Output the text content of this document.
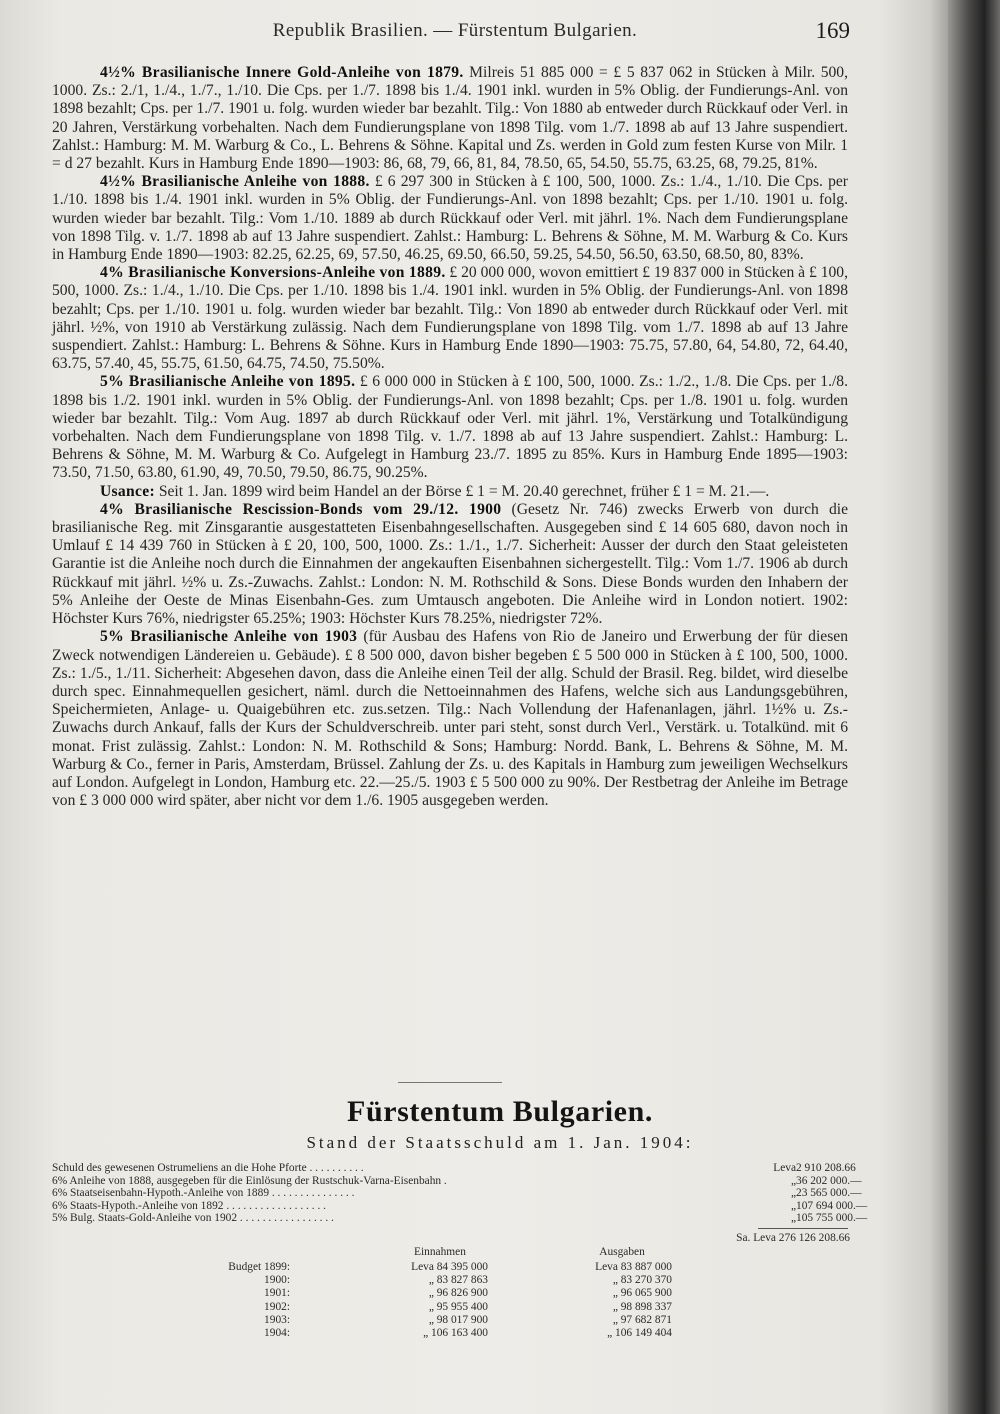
Republik Brasilien. — Fürstentum Bulgarien.	169

4½% Brasilianische Innere Gold-Anleihe von 1879. Milreis 51 885 000 = £ 5 837 062 in Stücken à Milr. 500, 1000. Zs.: 2./1, 1./4., 1./7., 1./10. Die Cps. per 1./7. 1898 bis 1./4. 1901 inkl. wurden in 5% Oblig. der Fundierungs-Anl. von 1898 bezahlt; Cps. per 1./7. 1901 u. folg. wurden wieder bar bezahlt. Tilg.: Von 1880 ab entweder durch Rückkauf oder Verl. in 20 Jahren, Verstärkung vorbehalten. Nach dem Fundierungsplane von 1898 Tilg. vom 1./7. 1898 ab auf 13 Jahre suspendiert. Zahlst.: Hamburg: M. M. Warburg & Co., L. Behrens & Söhne. Kapital und Zs. werden in Gold zum festen Kurse von Milr. 1 = d 27 bezahlt. Kurs in Hamburg Ende 1890—1903: 86, 68, 79, 66, 81, 84, 78.50, 65, 54.50, 55.75, 63.25, 68, 79.25, 81%.

4½% Brasilianische Anleihe von 1888. £ 6 297 300 in Stücken à £ 100, 500, 1000. Zs.: 1./4., 1./10. Die Cps. per 1./10. 1898 bis 1./4. 1901 inkl. wurden in 5% Oblig. der Fundierungs-Anl. von 1898 bezahlt; Cps. per 1./10. 1901 u. folg. wurden wieder bar bezahlt. Tilg.: Vom 1./10. 1889 ab durch Rückkauf oder Verl. mit jährl. 1%. Nach dem Fundierungsplane von 1898 Tilg. v. 1./7. 1898 ab auf 13 Jahre suspendiert. Zahlst.: Hamburg: L. Behrens & Söhne, M. M. Warburg & Co. Kurs in Hamburg Ende 1890—1903: 82.25, 62.25, 69, 57.50, 46.25, 69.50, 66.50, 59.25, 54.50, 56.50, 63.50, 68.50, 80, 83%.

4% Brasilianische Konversions-Anleihe von 1889. £ 20 000 000, wovon emittiert £ 19 837 000 in Stücken à £ 100, 500, 1000. Zs.: 1./4., 1./10. Die Cps. per 1./10. 1898 bis 1./4. 1901 inkl. wurden in 5% Oblig. der Fundierungs-Anl. von 1898 bezahlt; Cps. per 1./10. 1901 u. folg. wurden wieder bar bezahlt. Tilg.: Von 1890 ab entweder durch Rückkauf oder Verl. mit jährl. ½%, von 1910 ab Verstärkung zulässig. Nach dem Fundierungsplane von 1898 Tilg. vom 1./7. 1898 ab auf 13 Jahre suspendiert. Zahlst.: Hamburg: L. Behrens & Söhne. Kurs in Hamburg Ende 1890—1903: 75.75, 57.80, 64, 54.80, 72, 64.40, 63.75, 57.40, 45, 55.75, 61.50, 64.75, 74.50, 75.50%.

5% Brasilianische Anleihe von 1895. £ 6 000 000 in Stücken à £ 100, 500, 1000. Zs.: 1./2., 1./8. Die Cps. per 1./8. 1898 bis 1./2. 1901 inkl. wurden in 5% Oblig. der Fundierungs-Anl. von 1898 bezahlt; Cps. per 1./8. 1901 u. folg. wurden wieder bar bezahlt. Tilg.: Vom Aug. 1897 ab durch Rückkauf oder Verl. mit jährl. 1%, Verstärkung und Totalkündigung vorbehalten. Nach dem Fundierungsplane von 1898 Tilg. v. 1./7. 1898 ab auf 13 Jahre suspendiert. Zahlst.: Hamburg: L. Behrens & Söhne, M. M. Warburg & Co. Aufgelegt in Hamburg 23./7. 1895 zu 85%. Kurs in Hamburg Ende 1895—1903: 73.50, 71.50, 63.80, 61.90, 49, 70.50, 79.50, 86.75, 90.25%.

Usance: Seit 1. Jan. 1899 wird beim Handel an der Börse £ 1 = M. 20.40 gerechnet, früher £ 1 = M. 21.—.

4% Brasilianische Rescission-Bonds vom 29./12. 1900 (Gesetz Nr. 746) zwecks Erwerb von durch die brasilianische Reg. mit Zinsgarantie ausgestatteten Eisenbahngesellschaften. Ausgegeben sind £ 14 605 680, davon noch in Umlauf £ 14 439 760 in Stücken à £ 20, 100, 500, 1000. Zs.: 1./1., 1./7. Sicherheit: Ausser der durch den Staat geleisteten Garantie ist die Anleihe noch durch die Einnahmen der angekauften Eisenbahnen sichergestellt. Tilg.: Vom 1./7. 1906 ab durch Rückkauf mit jährl. ½% u. Zs.-Zuwachs. Zahlst.: London: N. M. Rothschild & Sons. Diese Bonds wurden den Inhabern der 5% Anleihe der Oeste de Minas Eisenbahn-Ges. zum Umtausch angeboten. Die Anleihe wird in London notiert. 1902: Höchster Kurs 76%, niedrigster 65.25%; 1903: Höchster Kurs 78.25%, niedrigster 72%.

5% Brasilianische Anleihe von 1903 (für Ausbau des Hafens von Rio de Janeiro und Erwerbung der für diesen Zweck notwendigen Ländereien u. Gebäude). £ 8 500 000, davon bisher begeben £ 5 500 000 in Stücken à £ 100, 500, 1000. Zs.: 1./5., 1./11. Sicherheit: Abgesehen davon, dass die Anleihe einen Teil der allg. Schuld der Brasil. Reg. bildet, wird dieselbe durch spec. Einnahmequellen gesichert, näml. durch die Nettoeinnahmen des Hafens, welche sich aus Landungsgebühren, Speichermieten, Anlage- u. Quaigebühren etc. zus.setzen. Tilg.: Nach Vollendung der Hafenanlagen, jährl. 1½% u. Zs.-Zuwachs durch Ankauf, falls der Kurs der Schuldverschreib. unter pari steht, sonst durch Verl., Verstärk. u. Totalkünd. mit 6 monat. Frist zulässig. Zahlst.: London: N. M. Rothschild & Sons; Hamburg: Nordd. Bank, L. Behrens & Söhne, M. M. Warburg & Co., ferner in Paris, Amsterdam, Brüssel. Zahlung der Zs. u. des Kapitals in Hamburg zum jeweiligen Wechselkurs auf London. Aufgelegt in London, Hamburg etc. 22.—25./5. 1903 £ 5 500 000 zu 90%. Der Restbetrag der Anleihe im Betrage von £ 3 000 000 wird später, aber nicht vor dem 1./6. 1905 ausgegeben werden.

Fürstentum Bulgarien.
Stand der Staatsschuld am 1. Jan. 1904:
Schuld des gewesenen Ostrumeliens an die Hohe Pforte . . . . . . . . . .	Leva 2 910 208.66
6% Anleihe von 1888, ausgegeben für die Einlösung der Rustschuk-Varna-Eisenbahn .	„ 36 202 000.—
6% Staatseisenbahn-Hypoth.-Anleihe von 1889 . . . . . . . . . . . . . . .	„ 23 565 000.—
6% Staats-Hypoth.-Anleihe von 1892 . . . . . . . . . . . . . . . . . .	„ 107 694 000.—
5% Bulg. Staats-Gold-Anleihe von 1902 . . . . . . . . . . . . . . . . .	„ 105 755 000.—
Sa. Leva 276 126 208.66
Einnahmen	Ausgaben
Budget 1899:	Leva 84 395 000	Leva 83 887 000
1900:	„ 83 827 863	„ 83 270 370
1901:	„ 96 826 900	„ 96 065 900
1902:	„ 95 955 400	„ 98 898 337
1903:	„ 98 017 900	„ 97 682 871
1904:	„ 106 163 400	„ 106 149 404
